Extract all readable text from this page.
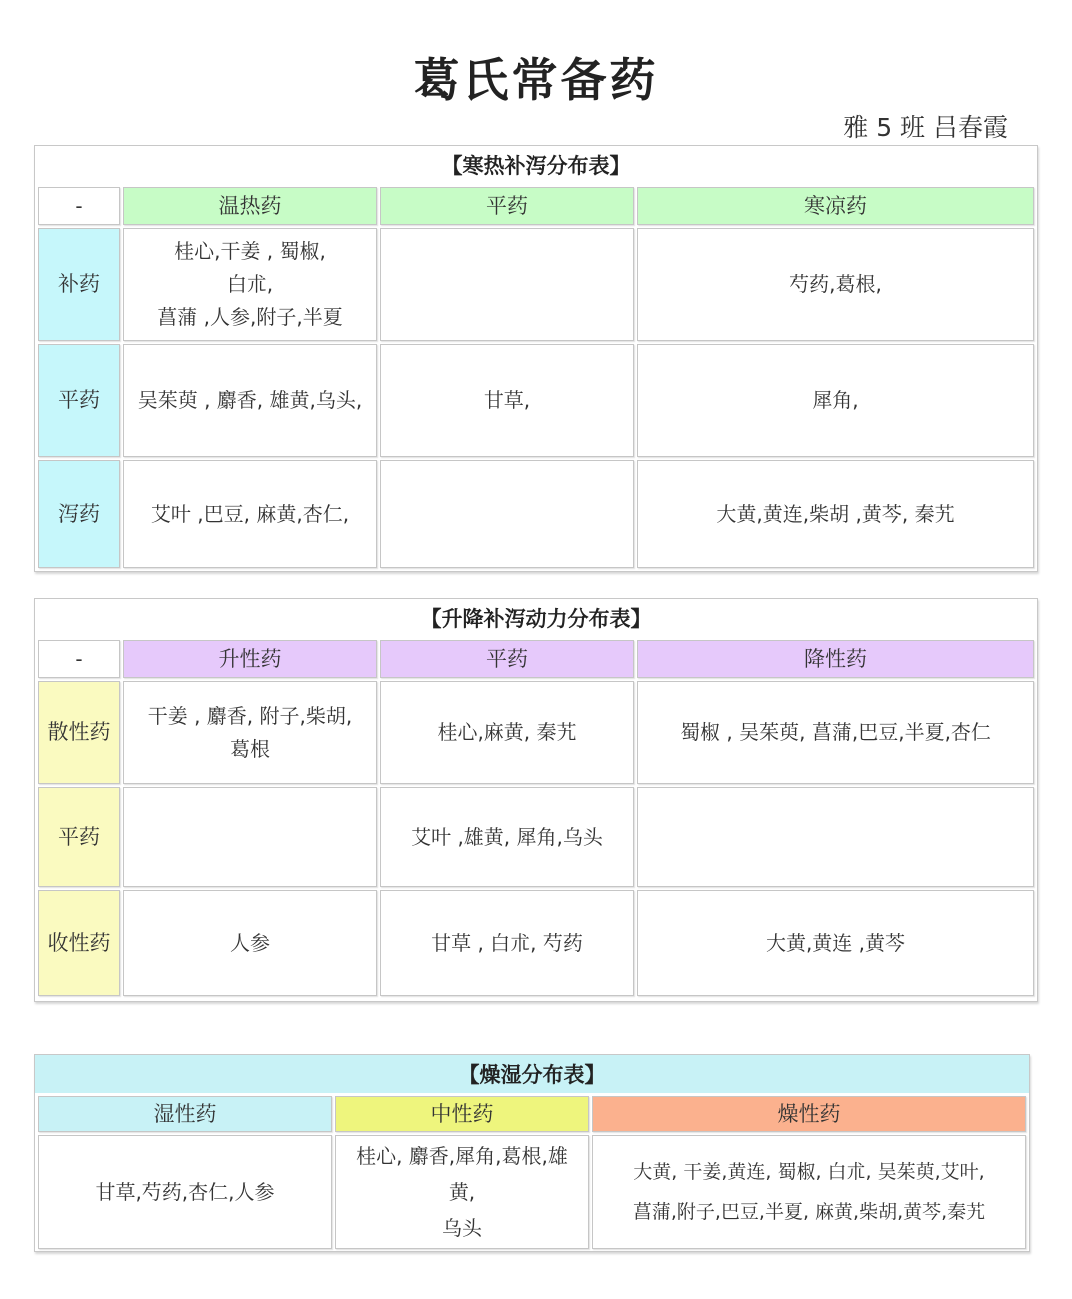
葛氏常备药
雅 5 班 吕春霞
【寒热补泻分布表】
-	温热药	平药	寒凉药
补药	桂心,干姜 , 蜀椒,
白朮,
菖蒲 ,人参,附子,半夏		芍药,葛根,
平药	吴茱萸 , 麝香, 雄黄,乌头,	甘草,	犀角,
泻药	艾叶 ,巴豆, 麻黄,杏仁,		大黄,黄连,柴胡 ,黄芩, 秦艽
【升降补泻动力分布表】
-	升性药	平药	降性药
散性药	干姜 , 麝香, 附子,柴胡,
葛根	桂心,麻黄, 秦艽	蜀椒 , 吴茱萸, 菖蒲,巴豆,半夏,杏仁
平药		艾叶 ,雄黄, 犀角,乌头	
收性药	人参	甘草 , 白朮, 芍药	大黄,黄连 ,黄芩
【燥湿分布表】
湿性药	中性药	燥性药
甘草,芍药,杏仁,人参	桂心, 麝香,犀角,葛根,雄
黄,
乌头	大黄, 干姜,黄连, 蜀椒, 白朮, 吴茱萸,艾叶,
菖蒲,附子,巴豆,半夏, 麻黄,柴胡,黄芩,秦艽
